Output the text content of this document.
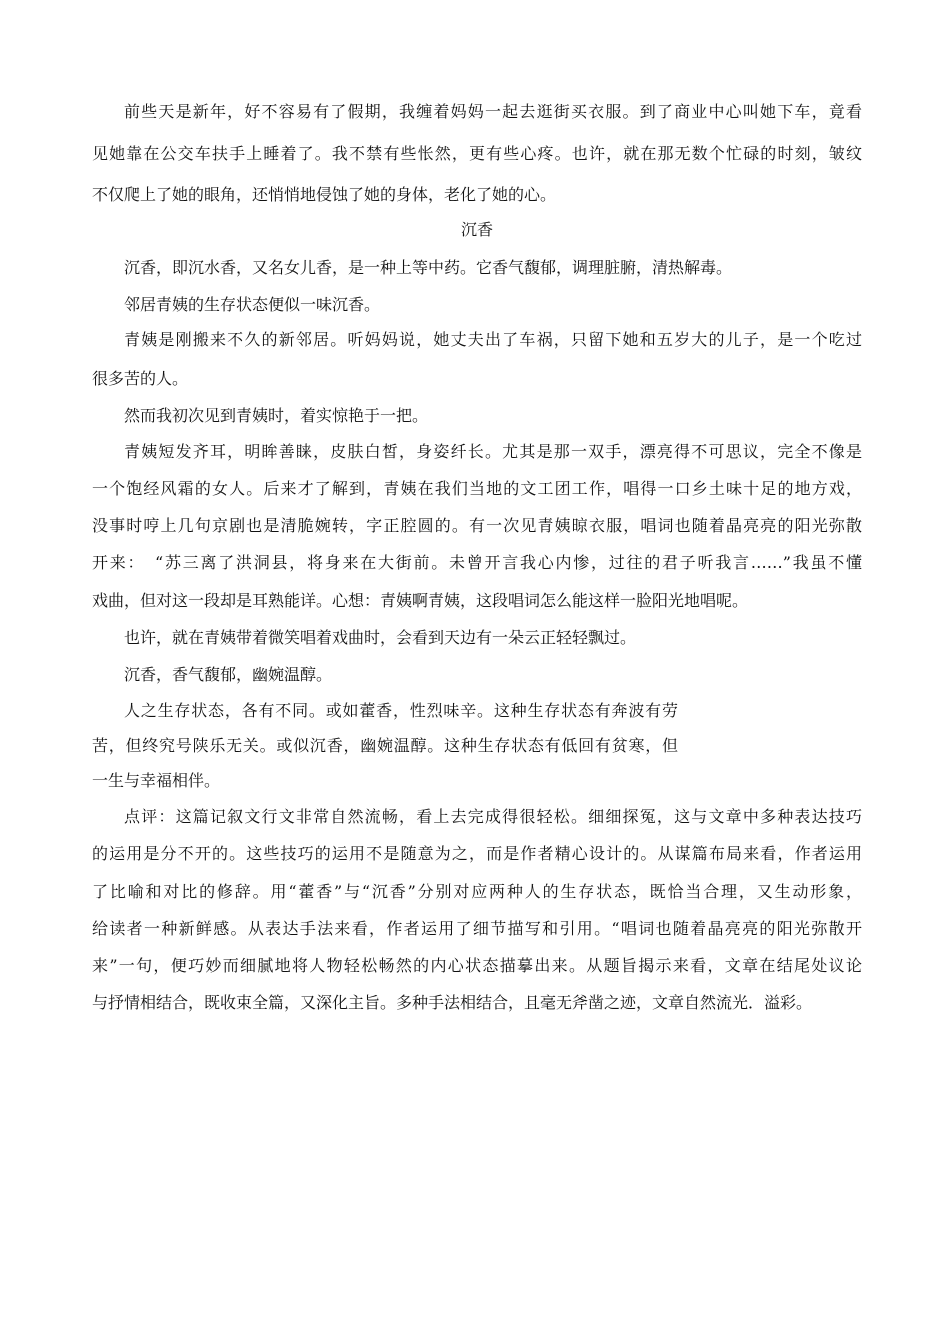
前些天是新年，好不容易有了假期，我缠着妈妈一起去逛街买衣服。到了商业中心叫她下车，竟看
见她靠在公交车扶手上睡着了。我不禁有些怅然，更有些心疼。也许，就在那无数个忙碌的时刻，皱纹
不仅爬上了她的眼角，还悄悄地侵蚀了她的身体，老化了她的心。
沉香
沉香，即沉水香，又名女儿香，是一种上等中药。它香气馥郁，调理脏腑，清热解毒。
邻居青姨的生存状态便似一味沉香。
青姨是刚搬来不久的新邻居。听妈妈说，她丈夫出了车祸，只留下她和五岁大的儿子，是一个吃过
很多苦的人。
然而我初次见到青姨时，着实惊艳于一把。
青姨短发齐耳，明眸善睐，皮肤白皙，身姿纤长。尤其是那一双手，漂亮得不可思议，完全不像是
一个饱经风霜的女人。后来才了解到，青姨在我们当地的文工团工作，唱得一口乡土味十足的地方戏，
没事时哼上几句京剧也是清脆婉转，字正腔圆的。有一次见青姨晾衣服，唱词也随着晶亮亮的阳光弥散
开来：　“苏三离了洪洞县，将身来在大街前。未曾开言我心内惨，过往的君子听我言……”我虽不懂
戏曲，但对这一段却是耳熟能详。心想：青姨啊青姨，这段唱词怎么能这样一脸阳光地唱呢。
也许，就在青姨带着微笑唱着戏曲时，会看到天边有一朵云正轻轻飘过。
沉香，香气馥郁，幽婉温醇。
人之生存状态，各有不同。或如藿香，性烈味辛。这种生存状态有奔波有劳
苦，但终究号陕乐无关。或似沉香，幽婉温醇。这种生存状态有低回有贫寒，但
一生与幸福相伴。
点评：这篇记叙文行文非常自然流畅，看上去完成得很轻松。细细探冤，这与文章中多种表达技巧
的运用是分不开的。这些技巧的运用不是随意为之，而是作者精心设计的。从谋篇布局来看，作者运用
了比喻和对比的修辞。用“藿香”与“沉香”分别对应两种人的生存状态，既恰当合理，又生动形象，
给读者一种新鲜感。从表达手法来看，作者运用了细节描写和引用。“唱词也随着晶亮亮的阳光弥散开
来”一句，便巧妙而细腻地将人物轻松畅然的内心状态描摹出来。从题旨揭示来看，文章在结尾处议论
与抒情相结合，既收束全篇，又深化主旨。多种手法相结合，且毫无斧凿之迹，文章自然流光．溢彩。
